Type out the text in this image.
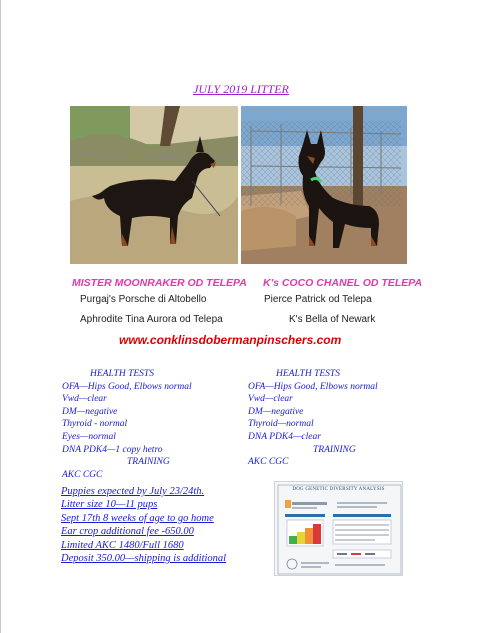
JULY 2019 LITTER
MISTER MOONRAKER OD TELEPA K's COCO CHANEL OD TELEPA
Purgaj's Porsche di Altobello	Pierce Patrick od Telepa
Aphrodite Tina Aurora od Telepa	K's Bella of Newark
www.conklinsdobermanpinschers.com
HEALTH TESTS
OFA—Hips Good, Elbows normal
Vwd—clear
DM—negative
Thyroid - normal
Eyes—normal
DNA PDK4—1 copy hetro
TRAINING
AKC CGC
HEALTH TESTS
OFA—Hips Good, Elbows normal
Vwd—clear
DM—negative
Thyroid—normal
DNA PDK4—clear
TRAINING
AKC CGC
Puppies expected by July 23/24th.
Litter size 10—11 pups
Sept 17th 8 weeks of age to go home
Ear crop additional fee -650.00
Limited AKC 1480/Full 1680
Deposit 350.00—shipping is additional
DOG GENETIC DIVERSITY ANALYSIS
